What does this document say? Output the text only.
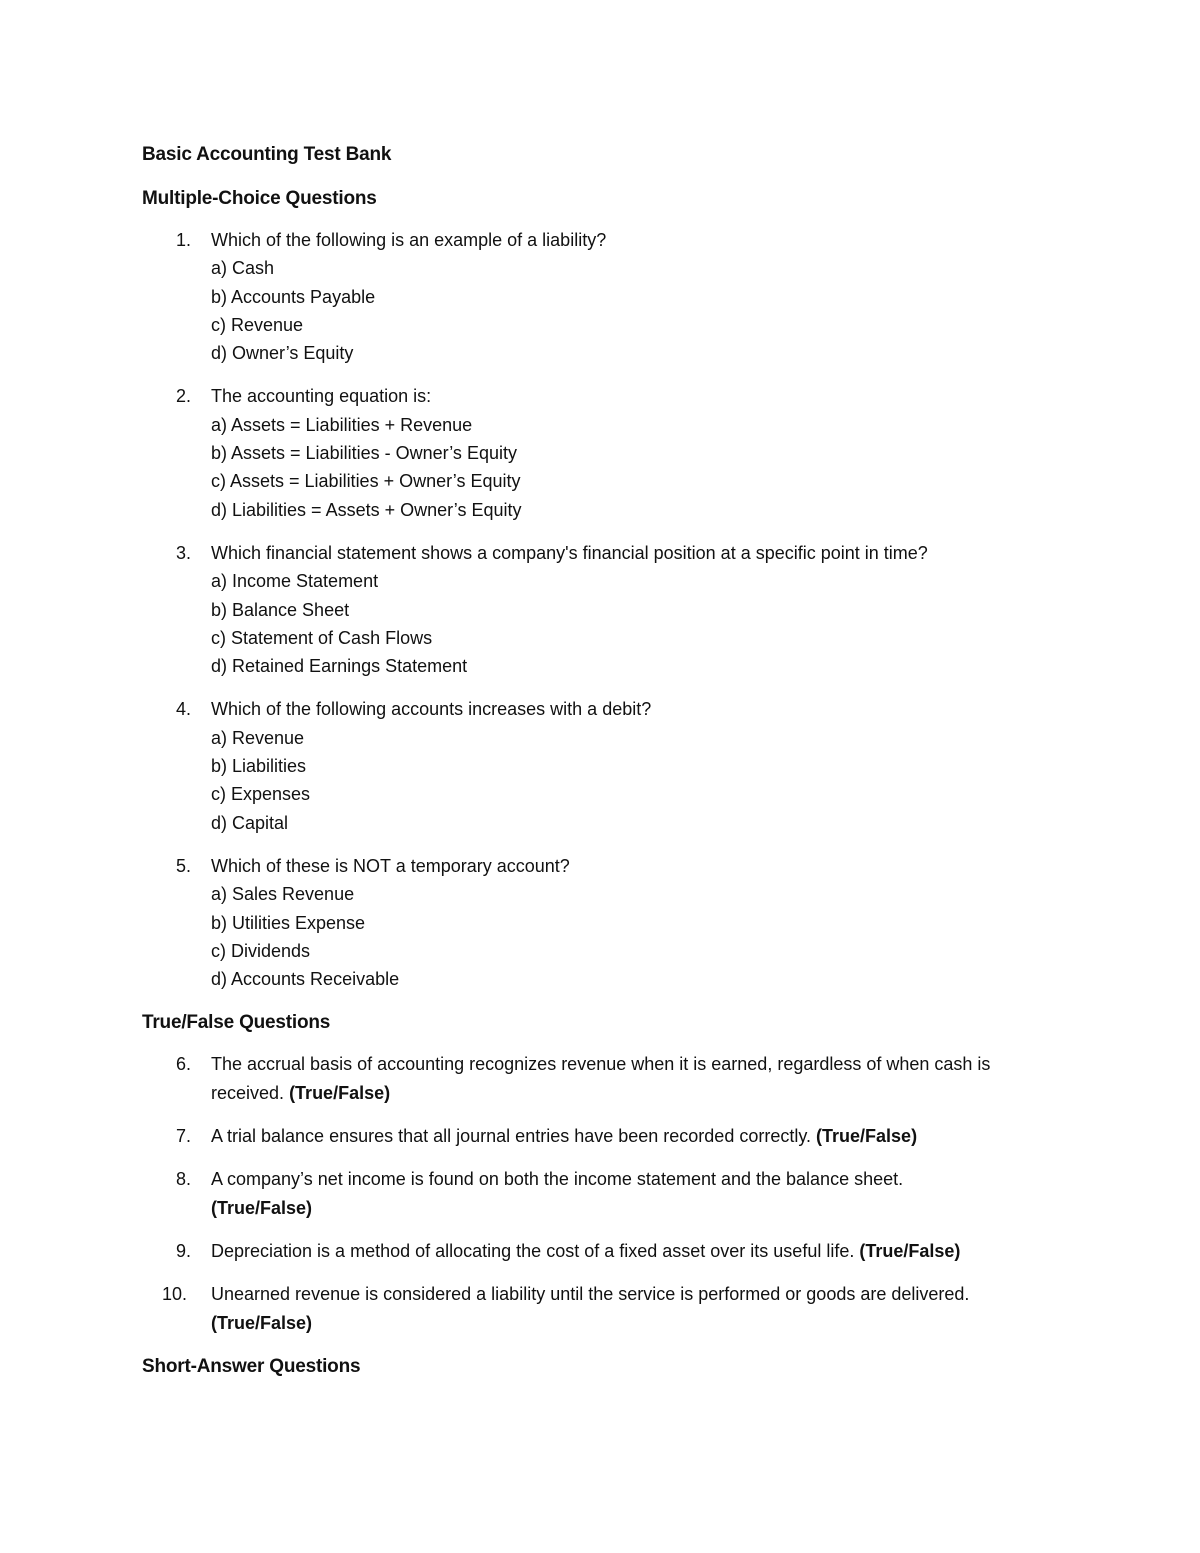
Basic Accounting Test Bank
Multiple-Choice Questions
1.	Which of the following is an example of a liability?
a) Cash
b) Accounts Payable
c) Revenue
d) Owner’s Equity
2.	The accounting equation is:
a) Assets = Liabilities + Revenue
b) Assets = Liabilities - Owner’s Equity
c) Assets = Liabilities + Owner’s Equity
d) Liabilities = Assets + Owner’s Equity
3.	Which financial statement shows a company's financial position at a specific point in time?
a) Income Statement
b) Balance Sheet
c) Statement of Cash Flows
d) Retained Earnings Statement
4.	Which of the following accounts increases with a debit?
a) Revenue
b) Liabilities
c) Expenses
d) Capital
5.	Which of these is NOT a temporary account?
a) Sales Revenue
b) Utilities Expense
c) Dividends
d) Accounts Receivable
True/False Questions
6.	The accrual basis of accounting recognizes revenue when it is earned, regardless of when cash is
received. (True/False)
7.	A trial balance ensures that all journal entries have been recorded correctly. (True/False)
8.	A company’s net income is found on both the income statement and the balance sheet.
(True/False)
9.	Depreciation is a method of allocating the cost of a fixed asset over its useful life. (True/False)
10. Unearned revenue is considered a liability until the service is performed or goods are delivered.
(True/False)
Short-Answer Questions
